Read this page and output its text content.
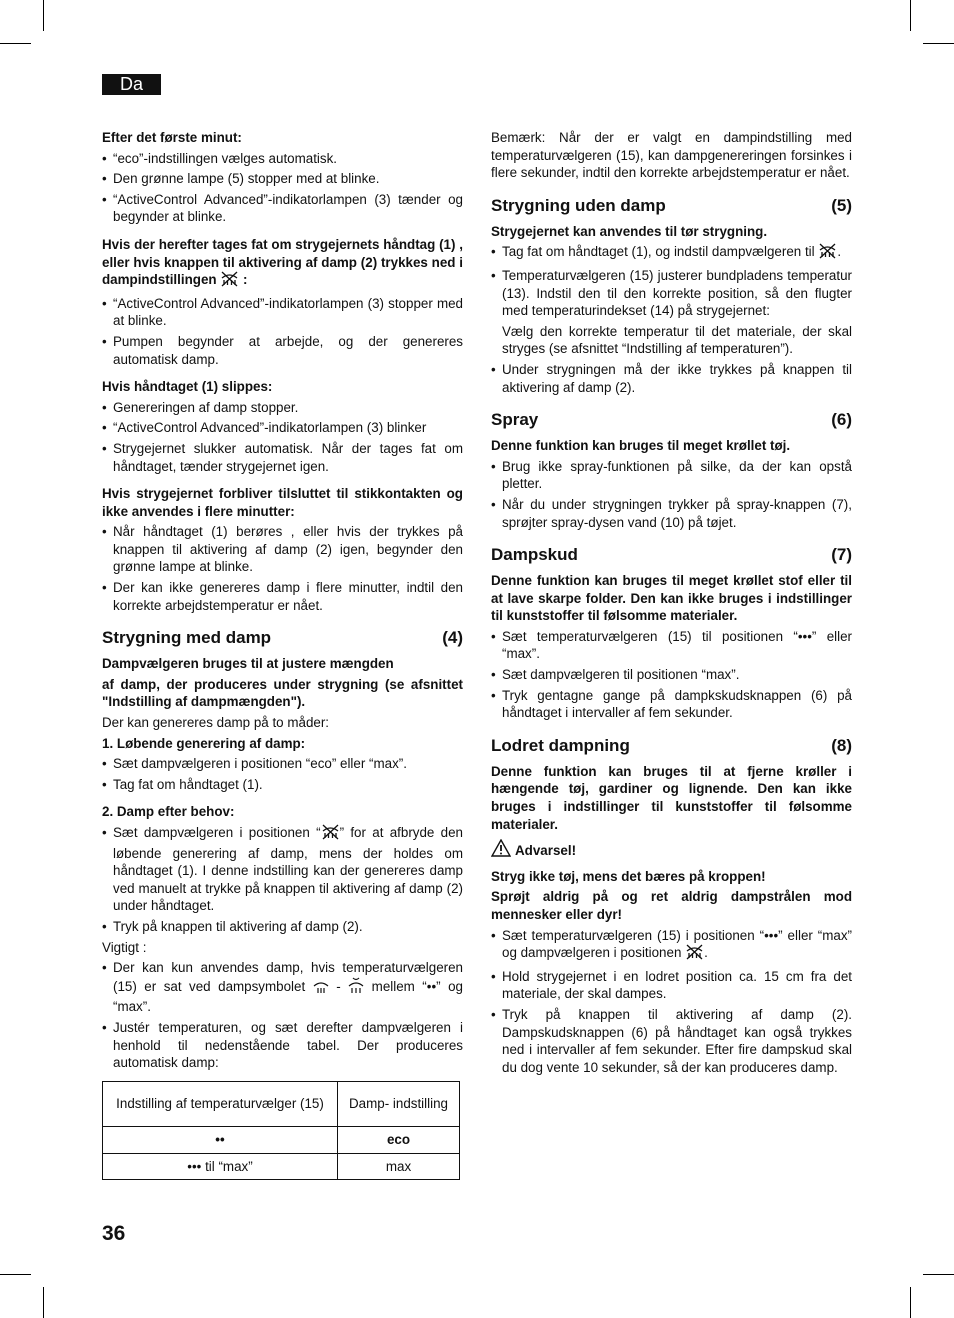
Da

Efter det første minut:

• “eco”-indstillingen vælges automatisk.
• Den grønne lampe (5) stopper med at blinke.
• “ActiveControl Advanced”-indikatorlampen (3) tænder og begynder at blinke.

Hvis der herefter tages fat om strygejernets håndtag (1) , eller hvis knappen til aktivering af damp (2) trykkes ned i dampindstillingen :

• “ActiveControl Advanced”-indikatorlampen (3) stopper med at blinke.
• Pumpen begynder at arbejde, og der genereres automatisk damp.

Hvis håndtaget (1) slippes:

• Genereringen af damp stopper.
• “ActiveControl Advanced”-indikatorlampen (3) blinker
• Strygejernet slukker automatisk. Når der tages fat om håndtaget, tænder strygejernet igen.

Hvis strygejernet forbliver tilsluttet til stikkontakten og ikke anvendes i flere minutter:

• Når håndtaget (1) berøres , eller hvis der trykkes på knappen til aktivering af damp (2) igen, begynder den grønne lampe at blinke.
• Der kan ikke genereres damp i flere minutter, indtil den korrekte arbejdstemperatur er nået.
Strygning med damp	(4)

Dampvælgeren bruges til at justere mængden

af damp, der produceres under strygning (se afsnittet "Indstilling af dampmængden").

Der kan genereres damp på to måder:

1. Løbende generering af damp:

• Sæt dampvælgeren i positionen “eco” eller “max”.
• Tag fat om håndtaget (1).

2. Damp efter behov:

• Sæt dampvælgeren i positionen “ ” for at afbryde den løbende generering af damp, mens der holdes om håndtaget (1). I denne indstilling kan der genereres damp ved manuelt at trykke på knappen til aktivering af damp (2) under håndtaget.
• Tryk på knappen til aktivering af damp (2).

Vigtigt :

• Der kan kun anvendes damp, hvis temperaturvælgeren (15) er sat ved dampsymbolet - mellem “••” og “max”.
• Justér temperaturen, og sæt derefter dampvælgeren i henhold til nedenstående tabel. Der produceres automatisk damp:
Indstilling af temperaturvælger (15)	Damp- indstilling
••	eco
••• til “max”	max

Bemærk: Når der er valgt en dampindstilling med temperaturvælgeren (15), kan dampgenereringen forsinkes i flere sekunder, indtil den korrekte arbejdstemperatur er nået.

Strygning uden damp	(5)

Strygejernet kan anvendes til tør strygning.

• Tag fat om håndtaget (1), og indstil dampvælgeren til .
• Temperaturvælgeren (15) justerer bundpladens temperatur (13). Indstil den til den korrekte position, så den flugter med temperaturindekset (14) på strygejernet:
Vælg den korrekte temperatur til det materiale, der skal stryges (se afsnittet “Indstilling af temperaturen”).
• Under strygningen må der ikke trykkes på knappen til aktivering af damp (2).
Spray	(6)

Denne funktion kan bruges til meget krøllet tøj.

• Brug ikke spray-funktionen på silke, da der kan opstå pletter.
• Når du under strygningen trykker på spray-knappen (7), sprøjter spray-dysen vand (10) på tøjet.
Dampskud	(7)

Denne funktion kan bruges til meget krøllet stof eller til at lave skarpe folder. Den kan ikke bruges i indstillinger til kunststoffer til følsomme materialer.

• Sæt temperaturvælgeren (15) til positionen “•••” eller “max”.
• Sæt dampvælgeren til positionen “max”.
• Tryk gentagne gange på dampkskudsknappen (6) på håndtaget i intervaller af fem sekunder.
Lodret dampning	(8)

Denne funktion kan bruges til at fjerne krøller i hængende tøj, gardiner og lignende. Den kan ikke bruges i indstillinger til kunststoffer til følsomme materialer.

Advarsel!

Stryg ikke tøj, mens det bæres på kroppen!

Sprøjt aldrig på og ret aldrig dampstrålen mod mennesker eller dyr!

• Sæt temperaturvælgeren (15) i positionen “•••” eller “max” og dampvælgeren i positionen .
• Hold strygejernet i en lodret position ca. 15 cm fra det materiale, der skal dampes.
• Tryk på knappen til aktivering af damp (2). Dampskudsknappen (6) på håndtaget kan også trykkes ned i intervaller af fem sekunder. Efter fire dampskud skal du dog vente 10 sekunder, så der kan produceres damp.
36
